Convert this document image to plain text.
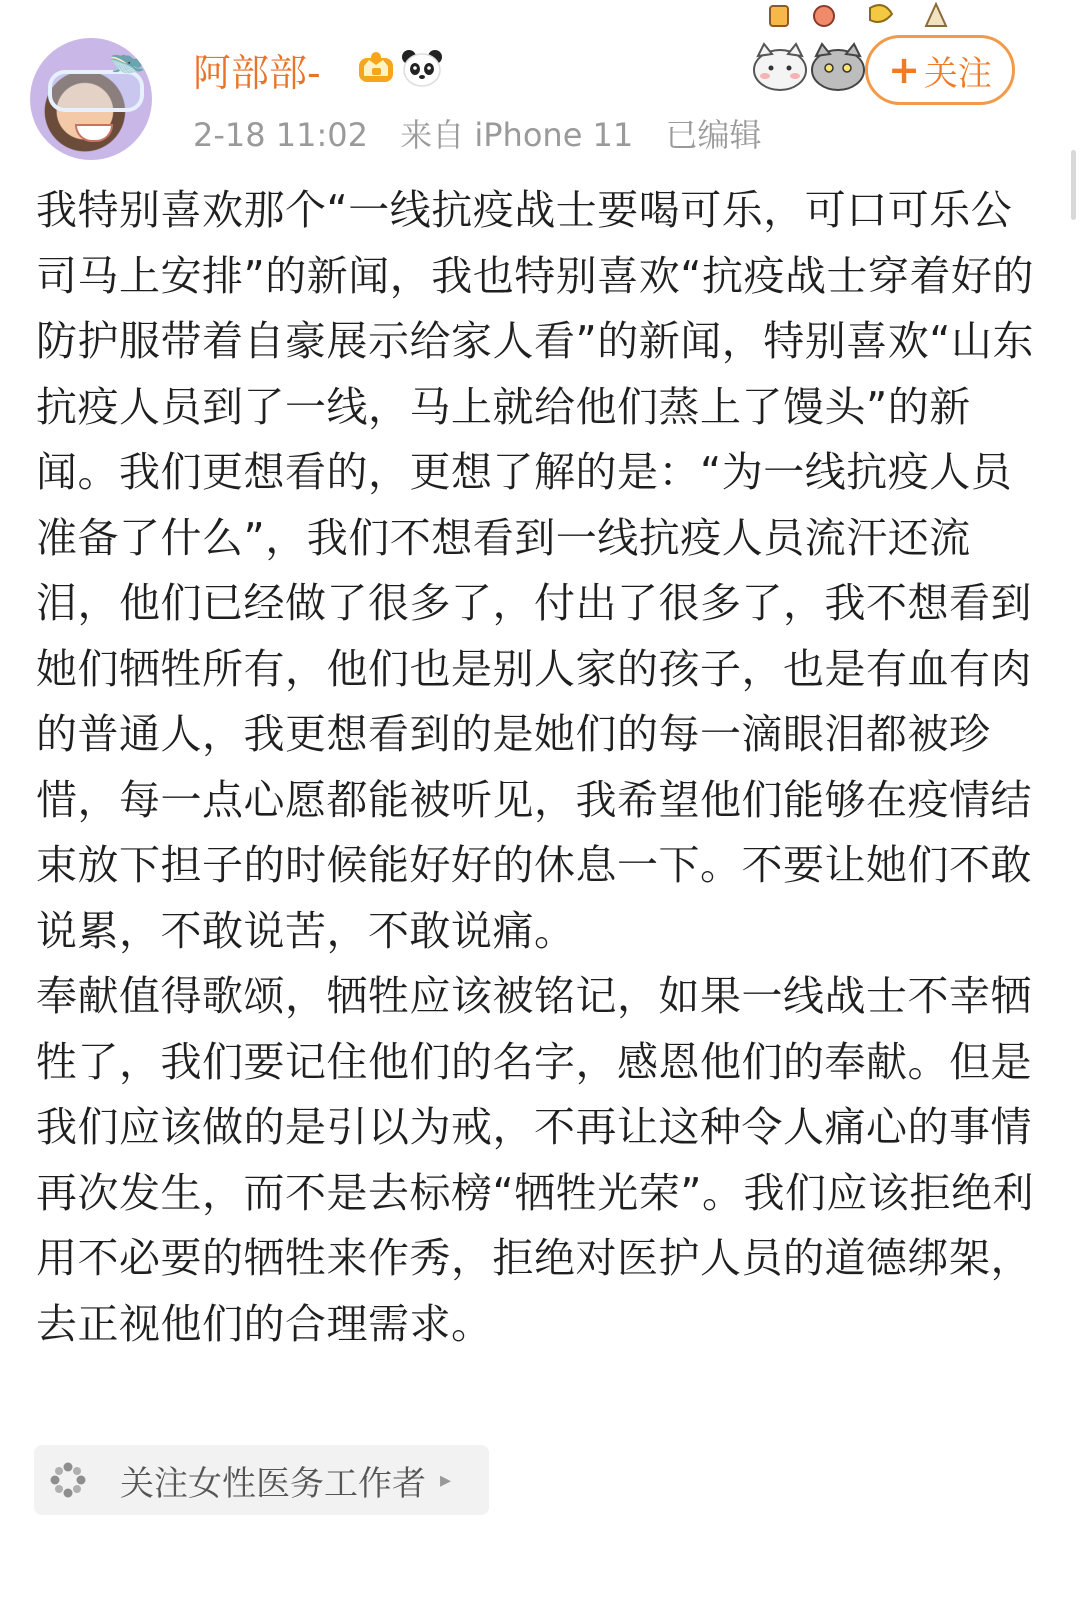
🐋 阿部部-
2-18 11:02 来自 iPhone 11 已编辑
+ 关注

我特别喜欢那个“一线抗疫战士要喝可乐，可口可乐公司马上安排”的新闻，我也特别喜欢“抗疫战士穿着好的防护服带着自豪展示给家人看”的新闻，特别喜欢“山东抗疫人员到了一线，马上就给他们蒸上了馒头”的新闻。我们更想看的，更想了解的是：“为一线抗疫人员准备了什么”，我们不想看到一线抗疫人员流汗还流泪，他们已经做了很多了，付出了很多了，我不想看到她们牺牲所有，他们也是别人家的孩子，也是有血有肉的普通人，我更想看到的是她们的每一滴眼泪都被珍惜，每一点心愿都能被听见，我希望他们能够在疫情结束放下担子的时候能好好的休息一下。不要让她们不敢说累，不敢说苦，不敢说痛。

奉献值得歌颂，牺牲应该被铭记，如果一线战士不幸牺牲了，我们要记住他们的名字，感恩他们的奉献。但是我们应该做的是引以为戒，不再让这种令人痛心的事情再次发生，而不是去标榜“牺牲光荣”。我们应该拒绝利用不必要的牺牲来作秀，拒绝对医护人员的道德绑架，去正视他们的合理需求。

关注女性医务工作者 ▸
